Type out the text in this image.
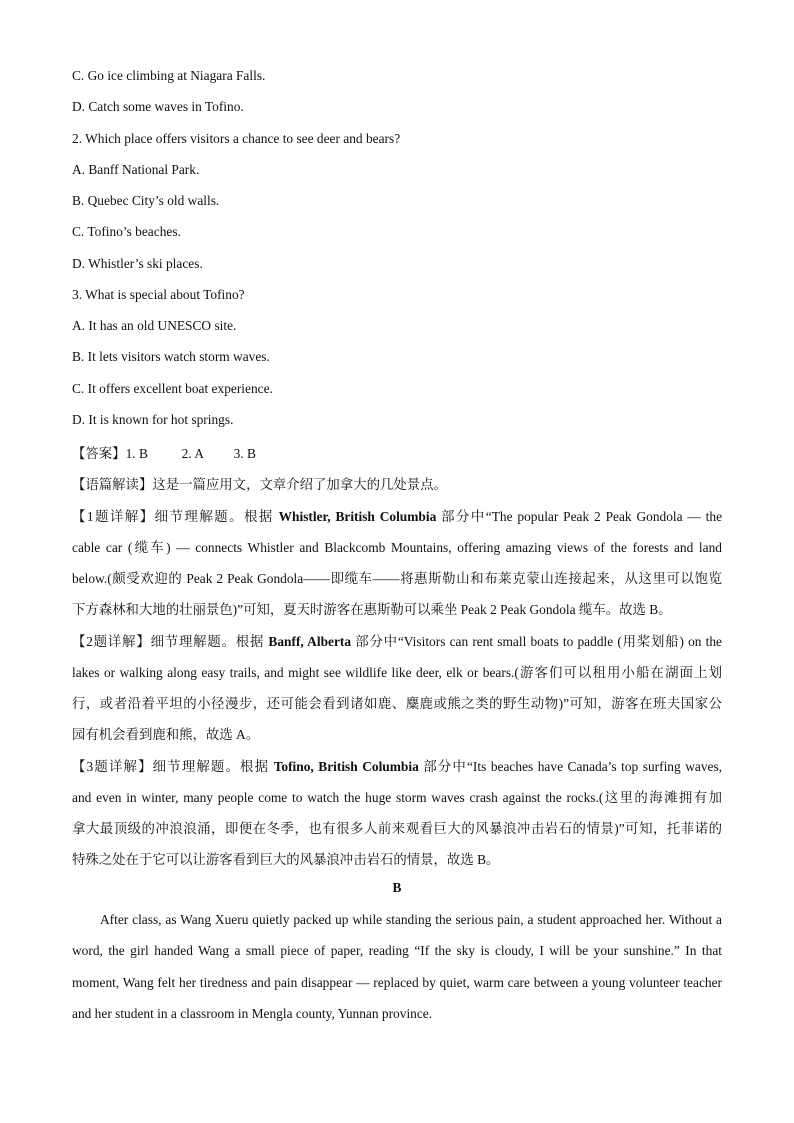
C. Go ice climbing at Niagara Falls.
D. Catch some waves in Tofino.
2. Which place offers visitors a chance to see deer and bears?
A. Banff National Park.
B. Quebec City’s old walls.
C. Tofino’s beaches.
D. Whistler’s ski places.
3. What is special about Tofino?
A. It has an old UNESCO site.
B. It lets visitors watch storm waves.
C. It offers excellent boat experience.
D. It is known for hot springs.
【答案】1. B	2. A 3. B
【语篇解读】这是一篇应用文，文章介绍了加拿大的几处景点。
【1题详解】细节理解题。根据 Whistler, British Columbia 部分中“The popular Peak 2 Peak Gondola — the
cable car (缆车) — connects Whistler and Blackcomb Mountains, offering amazing views of the forests and land
below.(颇受欢迎的 Peak 2 Peak Gondola——即缆车——将惠斯勒山和布莱克蒙山连接起来，从这里可以饱览
下方森林和大地的壮丽景色)”可知，夏天时游客在惠斯勒可以乘坐 Peak 2 Peak Gondola 缆车。故选 B。
【2题详解】细节理解题。根据 Banff, Alberta 部分中“Visitors can rent small boats to paddle (用桨划船) on the
lakes or walking along easy trails, and might see wildlife like deer, elk or bears.(游客们可以租用小船在湖面上划
行，或者沿着平坦的小径漫步，还可能会看到诸如鹿、麋鹿或熊之类的野生动物)”可知，游客在班夫国家公
园有机会看到鹿和熊，故选 A。
【3题详解】细节理解题。根据 Tofino, British Columbia 部分中“Its beaches have Canada’s top surfing waves,
and even in winter, many people come to watch the huge storm waves crash against the rocks.(这里的海滩拥有加
拿大最顶级的冲浪浪涌，即便在冬季，也有很多人前来观看巨大的风暴浪冲击岩石的情景)”可知，托菲诺的
特殊之处在于它可以让游客看到巨大的风暴浪冲击岩石的情景，故选 B。
B
After class, as Wang Xueru quietly packed up while standing the serious pain, a student approached her. Without a word, the girl handed Wang a small piece of paper, reading “If the sky is cloudy, I will be your sunshine.” In that moment, Wang felt her tiredness and pain disappear — replaced by quiet, warm care between a young volunteer teacher and her student in a classroom in Mengla county, Yunnan province.
